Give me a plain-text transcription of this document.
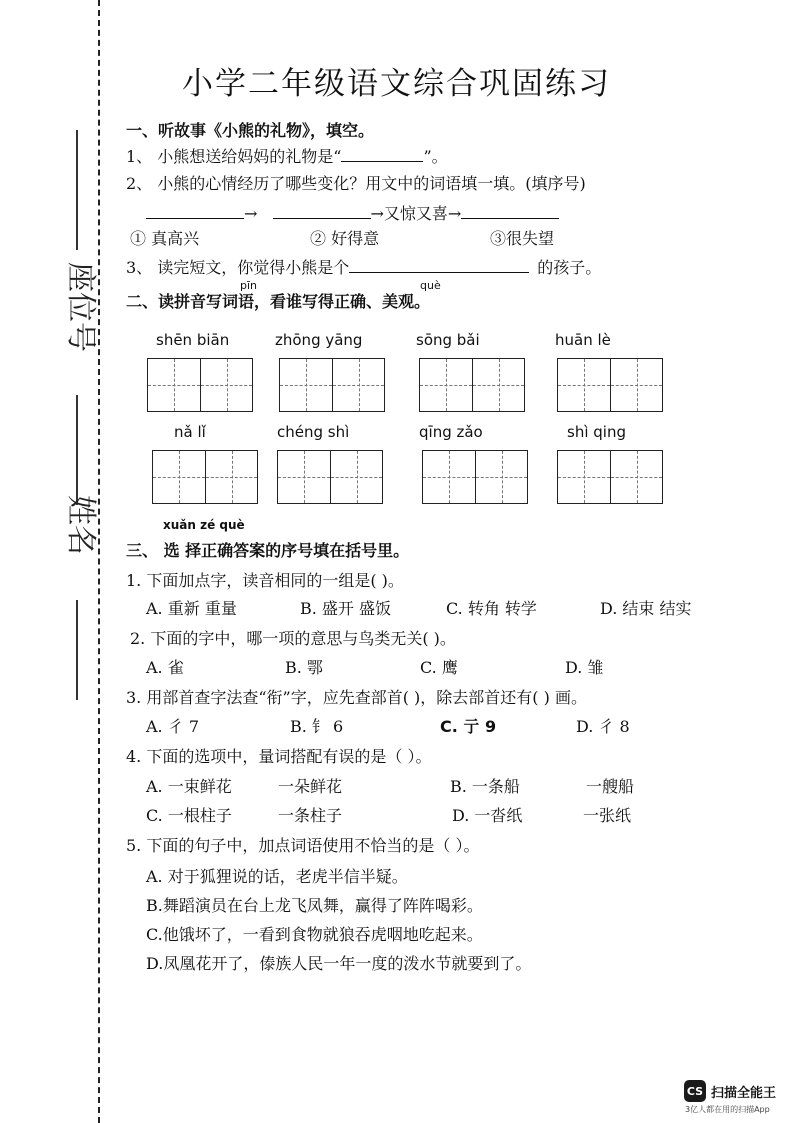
座位号
姓名
小学二年级语文综合巩固练习
一、听故事《小熊的礼物》，填空。
1、 小熊想送给妈妈的礼物是“	”。
2、 小熊的心情经历了哪些变化？用文中的词语填一填。(填序号)
→	→又惊又喜→
① 真高兴	② 好得意	③很失望
3、 读完短文，你觉得小熊是个	的孩子。
pīn	què
二、读拼音写词语，看谁写得正确、美观。
shēn biān	zhōng yāng	sōng bǎi	huān lè
nǎ lǐ	chéng shì	qīng zǎo	shì qing
xuǎn zé què
三、 选 择正确答案的序号填在括号里。
1. 下面加点字，读音相同的一组是( )。
A. 重新 重量	B. 盛开 盛饭	C. 转角 转学	D. 结束 结实
2. 下面的字中，哪一项的意思与鸟类无关( )。
A. 雀	B. 鄂	C. 鹰	D. 雏
3. 用部首查字法查“衔”字，应先查部首( )，除去部首还有( ) 画。
A. 彳 7	B. 钅 6	C. 亍 9	D. 彳 8
4. 下面的选项中，量词搭配有误的是（ ）。
A. 一束鲜花	一朵鲜花	B. 一条船	一艘船
C. 一根柱子	一条柱子	D. 一沓纸	一张纸
5. 下面的句子中，加点词语使用不恰当的是（ ）。
A. 对于狐狸说的话，老虎半信半疑。
B.舞蹈演员在台上龙飞凤舞，赢得了阵阵喝彩。
C.他饿坏了，一看到食物就狼吞虎咽地吃起来。
D.凤凰花开了，傣族人民一年一度的泼水节就要到了。
CS 扫描全能王
3亿人都在用的扫描App
